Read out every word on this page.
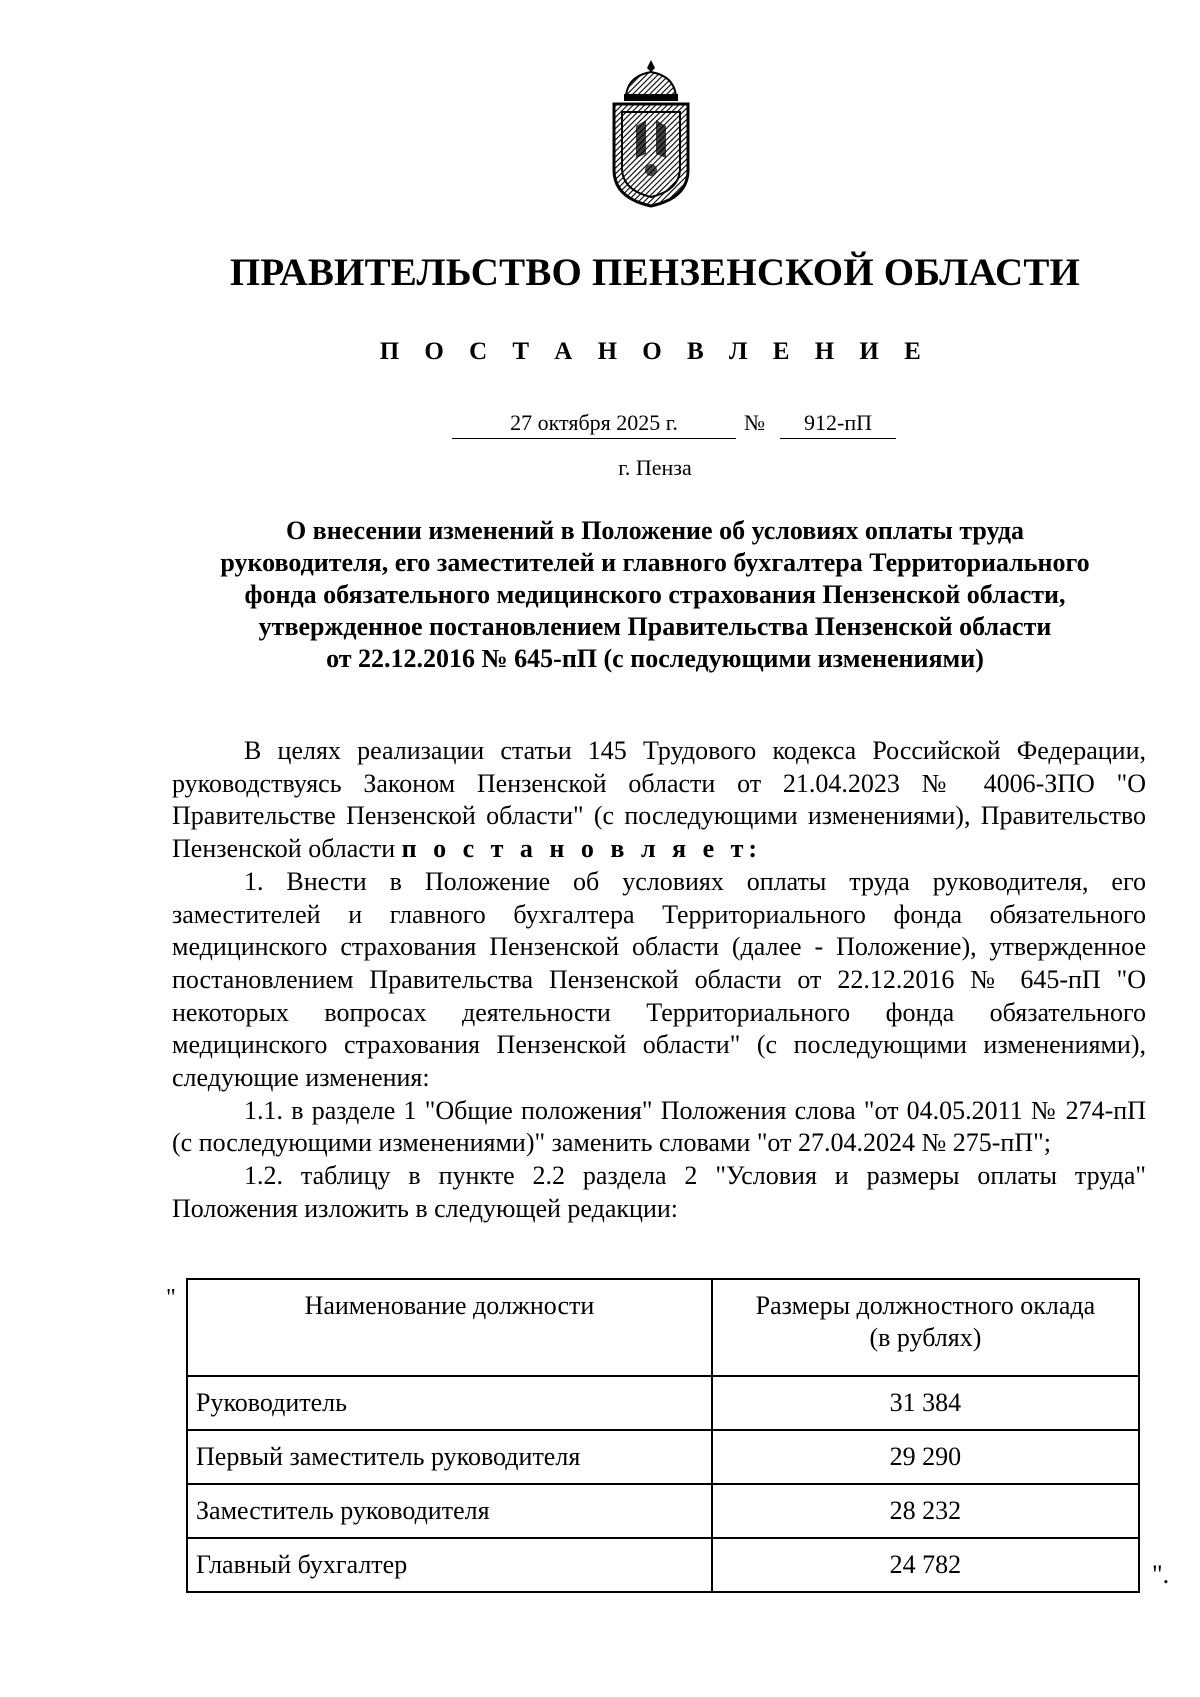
ПРАВИТЕЛЬСТВО ПЕНЗЕНСКОЙ ОБЛАСТИ
П О С Т А Н О В Л Е Н И Е
27 октября 2025 г.	№	912-пП
г. Пенза
О внесении изменений в Положение об условиях оплаты труда
руководителя, его заместителей и главного бухгалтера Территориального
фонда обязательного медицинского страхования Пензенской области,
утвержденное постановлением Правительства Пензенской области
от 22.12.2016 № 645-пП (с последующими изменениями)

В целях реализации статьи 145 Трудового кодекса Российской Федерации, руководствуясь Законом Пензенской области от 21.04.2023 № 4006-ЗПО "О Правительстве Пензенской области" (с последующими изменениями), Правительство Пензенской области п о с т а н о в л я е т:

1. Внести в Положение об условиях оплаты труда руководителя, его заместителей и главного бухгалтера Территориального фонда обязательного медицинского страхования Пензенской области (далее - Положение), утвержденное постановлением Правительства Пензенской области от 22.12.2016 № 645-пП "О некоторых вопросах деятельности Территориального фонда обязательного медицинского страхования Пензенской области" (с последующими изменениями), следующие изменения:

1.1. в разделе 1 "Общие положения" Положения слова "от 04.05.2011 № 274-пП (с последующими изменениями)" заменить словами "от 27.04.2024 № 275-пП";

1.2. таблицу в пункте 2.2 раздела 2 "Условия и размеры оплаты труда" Положения изложить в следующей редакции:

"	Наименование должности	Размеры должностного оклада
(в рублях)

Руководитель	31 384
Первый заместитель руководителя	29 290
Заместитель руководителя	28 232
Главный бухгалтер	24 782	".
